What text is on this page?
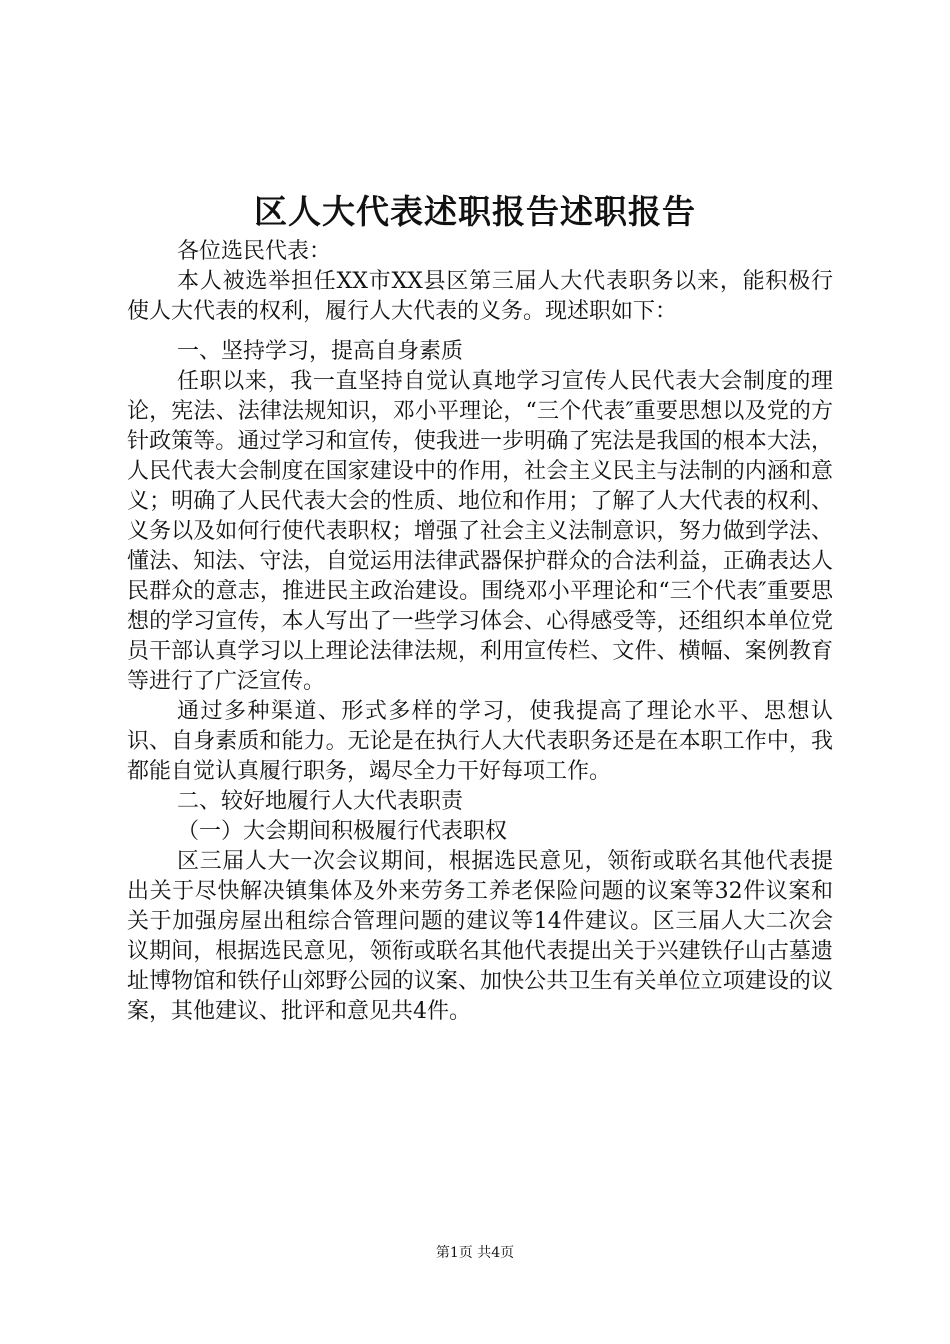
区人大代表述职报告述职报告

各位选民代表：

本人被选举担任XX市XX县区第三届人大代表职务以来，能积极行使人大代表的权利，履行人大代表的义务。现述职如下：

一、坚持学习，提高自身素质

任职以来，我一直坚持自觉认真地学习宣传人民代表大会制度的理论，宪法、法律法规知识，邓小平理论，“三个代表″重要思想以及党的方针政策等。通过学习和宣传，使我进一步明确了宪法是我国的根本大法，人民代表大会制度在国家建设中的作用，社会主义民主与法制的内涵和意义；明确了人民代表大会的性质、地位和作用；了解了人大代表的权利、义务以及如何行使代表职权；增强了社会主义法制意识，努力做到学法、懂法、知法、守法，自觉运用法律武器保护群众的合法利益，正确表达人民群众的意志，推进民主政治建设。围绕邓小平理论和“三个代表″重要思想的学习宣传，本人写出了一些学习体会、心得感受等，还组织本单位党员干部认真学习以上理论法律法规，利用宣传栏、文件、横幅、案例教育等进行了广泛宣传。

通过多种渠道、形式多样的学习，使我提高了理论水平、思想认识、自身素质和能力。无论是在执行人大代表职务还是在本职工作中，我都能自觉认真履行职务，竭尽全力干好每项工作。

二、较好地履行人大代表职责

（一）大会期间积极履行代表职权

区三届人大一次会议期间，根据选民意见，领衔或联名其他代表提出关于尽快解决镇集体及外来劳务工养老保险问题的议案等32件议案和关于加强房屋出租综合管理问题的建议等14件建议。区三届人大二次会议期间，根据选民意见，领衔或联名其他代表提出关于兴建铁仔山古墓遗址博物馆和铁仔山郊野公园的议案、加快公共卫生有关单位立项建设的议案，其他建议、批评和意见共4件。

第1页 共4页
